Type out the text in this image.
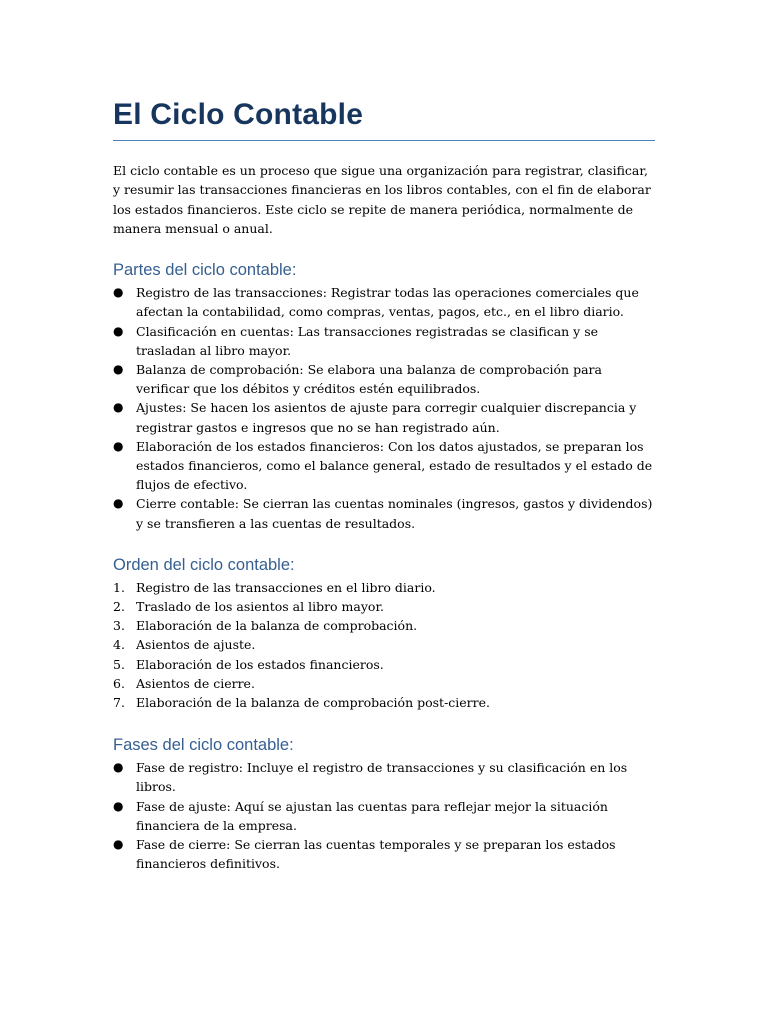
El Ciclo Contable

El ciclo contable es un proceso que sigue una organización para registrar, clasificar, y resumir las transacciones financieras en los libros contables, con el fin de elaborar los estados financieros. Este ciclo se repite de manera periódica, normalmente de manera mensual o anual.

Partes del ciclo contable:
● Registro de las transacciones: Registrar todas las operaciones comerciales que afectan la contabilidad, como compras, ventas, pagos, etc., en el libro diario.
● Clasificación en cuentas: Las transacciones registradas se clasifican y se trasladan al libro mayor.
● Balanza de comprobación: Se elabora una balanza de comprobación para verificar que los débitos y créditos estén equilibrados.
● Ajustes: Se hacen los asientos de ajuste para corregir cualquier discrepancia y registrar gastos e ingresos que no se han registrado aún.
● Elaboración de los estados financieros: Con los datos ajustados, se preparan los estados financieros, como el balance general, estado de resultados y el estado de flujos de efectivo.
● Cierre contable: Se cierran las cuentas nominales (ingresos, gastos y dividendos) y se transfieren a las cuentas de resultados.
Orden del ciclo contable:
1. Registro de las transacciones en el libro diario.
2. Traslado de los asientos al libro mayor.
3. Elaboración de la balanza de comprobación.
4. Asientos de ajuste.
5. Elaboración de los estados financieros.
6. Asientos de cierre.
7. Elaboración de la balanza de comprobación post-cierre.
Fases del ciclo contable:
● Fase de registro: Incluye el registro de transacciones y su clasificación en los libros.
● Fase de ajuste: Aquí se ajustan las cuentas para reflejar mejor la situación financiera de la empresa.
● Fase de cierre: Se cierran las cuentas temporales y se preparan los estados financieros definitivos.
